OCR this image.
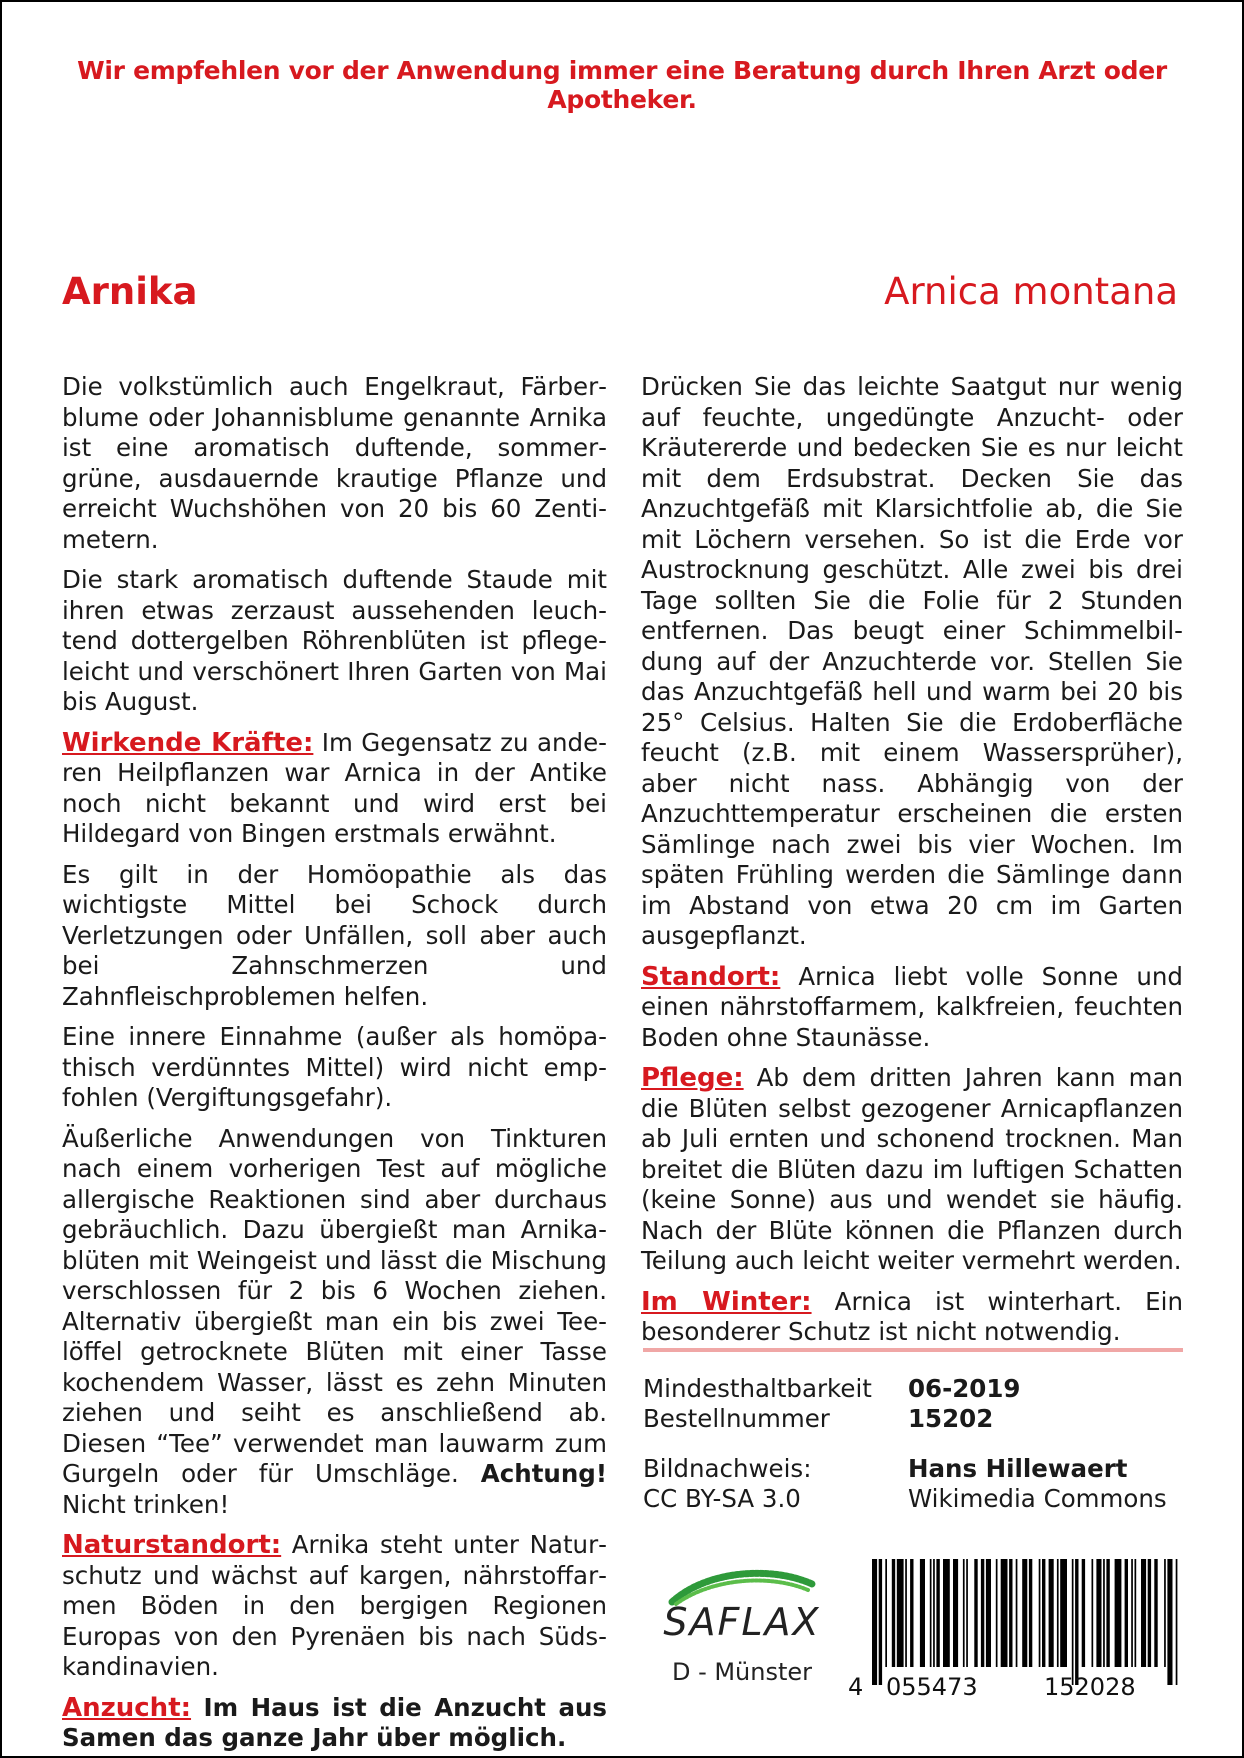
Wir empfehlen vor der Anwendung immer eine Beratung durch Ihren Arzt oder Apotheker.
Arnika	Arnica montana

Die volkstümlich auch Engelkraut, Färberblume oder Johannisblume genannte Arnika ist eine aromatisch duftende, sommergrüne, ausdauernde krautige Pflanze und erreicht Wuchshöhen von 20 bis 60 Zentimetern.

Die stark aromatisch duftende Staude mit ihren etwas zerzaust aussehenden leuchtend dottergelben Röhrenblüten ist pflegeleicht und verschönert Ihren Garten von Mai bis August.

Wirkende Kräfte: Im Gegensatz zu anderen Heilpflanzen war Arnica in der Antike noch nicht bekannt und wird erst bei Hildegard von Bingen erstmals erwähnt.

Es gilt in der Homöopathie als das wichtigste Mittel bei Schock durch Verletzungen oder Unfällen, soll aber auch bei Zahnschmerzen und Zahnfleischproblemen helfen.

Eine innere Einnahme (außer als homöpathisch verdünntes Mittel) wird nicht empfohlen (Vergiftungsgefahr).

Äußerliche Anwendungen von Tinkturen nach einem vorherigen Test auf mögliche allergische Reaktionen sind aber durchaus gebräuchlich. Dazu übergießt man Arnikablüten mit Weingeist und lässt die Mischung verschlossen für 2 bis 6 Wochen ziehen. Alternativ übergießt man ein bis zwei Teelöffel getrocknete Blüten mit einer Tasse kochendem Wasser, lässt es zehn Minuten ziehen und seiht es anschließend ab. Diesen “Tee” verwendet man lauwarm zum Gurgeln oder für Umschläge. Achtung! Nicht trinken!

Naturstandort: Arnika steht unter Naturschutz und wächst auf kargen, nährstoffarmen Böden in den bergigen Regionen Europas von den Pyrenäen bis nach Südskandinavien.

Anzucht: Im Haus ist die Anzucht aus Samen das ganze Jahr über möglich.

Drücken Sie das leichte Saatgut nur wenig auf feuchte, ungedüngte Anzucht- oder Kräutererde und bedecken Sie es nur leicht mit dem Erdsubstrat. Decken Sie das Anzuchtgefäß mit Klarsichtfolie ab, die Sie mit Löchern versehen. So ist die Erde vor Austrocknung geschützt. Alle zwei bis drei Tage sollten Sie die Folie für 2 Stunden entfernen. Das beugt einer Schimmelbildung auf der Anzuchterde vor. Stellen Sie das Anzuchtgefäß hell und warm bei 20 bis 25° Celsius. Halten Sie die Erdoberfläche feucht (z.B. mit einem Wassersprüher), aber nicht nass. Abhängig von der Anzuchttemperatur erscheinen die ersten Sämlinge nach zwei bis vier Wochen. Im späten Frühling werden die Sämlinge dann im Abstand von etwa 20 cm im Garten ausgepflanzt.

Standort: Arnica liebt volle Sonne und einen nährstoffarmem, kalkfreien, feuchten Boden ohne Staunässe.

Pflege: Ab dem dritten Jahren kann man die Blüten selbst gezogener Arnicapflanzen ab Juli ernten und schonend trocknen. Man breitet die Blüten dazu im luftigen Schatten (keine Sonne) aus und wendet sie häufig. Nach der Blüte können die Pflanzen durch Teilung auch leicht weiter vermehrt werden.

Im Winter: Arnica ist winterhart. Ein besonderer Schutz ist nicht notwendig.

Mindesthaltbarkeit	06-2019
Bestellnummer	15202
Bildnachweis:	Hans Hillewaert
CC BY-SA 3.0	Wikimedia Commons
SAFLAX
D - Münster
4 055473	152028
